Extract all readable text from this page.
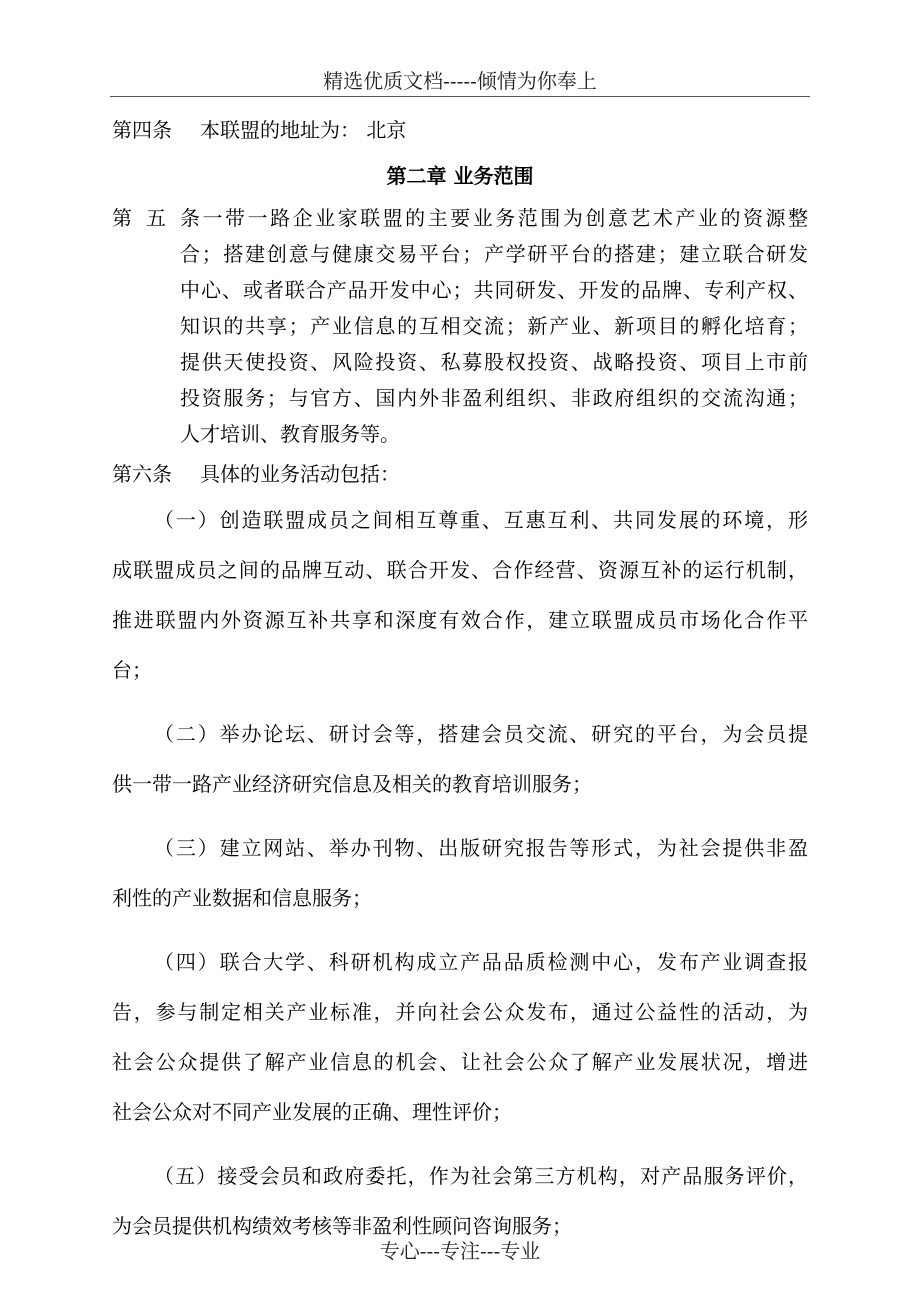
精选优质文档-----倾情为你奉上
第四条 本联盟的地址为： 北京
第二章 业务范围
第五条一带一路企业家联盟的主要业务范围为创意艺术产业的资源整
合；搭建创意与健康交易平台；产学研平台的搭建；建立联合研发
中心、或者联合产品开发中心；共同研发、开发的品牌、专利产权、
知识的共享；产业信息的互相交流；新产业、新项目的孵化培育；
提供天使投资、风险投资、私募股权投资、战略投资、项目上市前
投资服务；与官方、国内外非盈利组织、非政府组织的交流沟通；
人才培训、教育服务等。
第六条 具体的业务活动包括：
（一）创造联盟成员之间相互尊重、互惠互利、共同发展的环境，形
成联盟成员之间的品牌互动、联合开发、合作经营、资源互补的运行机制，
推进联盟内外资源互补共享和深度有效合作，建立联盟成员市场化合作平
台；
（二）举办论坛、研讨会等，搭建会员交流、研究的平台，为会员提
供一带一路产业经济研究信息及相关的教育培训服务；
（三）建立网站、举办刊物、出版研究报告等形式，为社会提供非盈
利性的产业数据和信息服务；
（四）联合大学、科研机构成立产品品质检测中心，发布产业调查报
告，参与制定相关产业标准，并向社会公众发布，通过公益性的活动，为
社会公众提供了解产业信息的机会、让社会公众了解产业发展状况，增进
社会公众对不同产业发展的正确、理性评价；
（五）接受会员和政府委托，作为社会第三方机构，对产品服务评价，
为会员提供机构绩效考核等非盈利性顾问咨询服务；
专心---专注---专业
